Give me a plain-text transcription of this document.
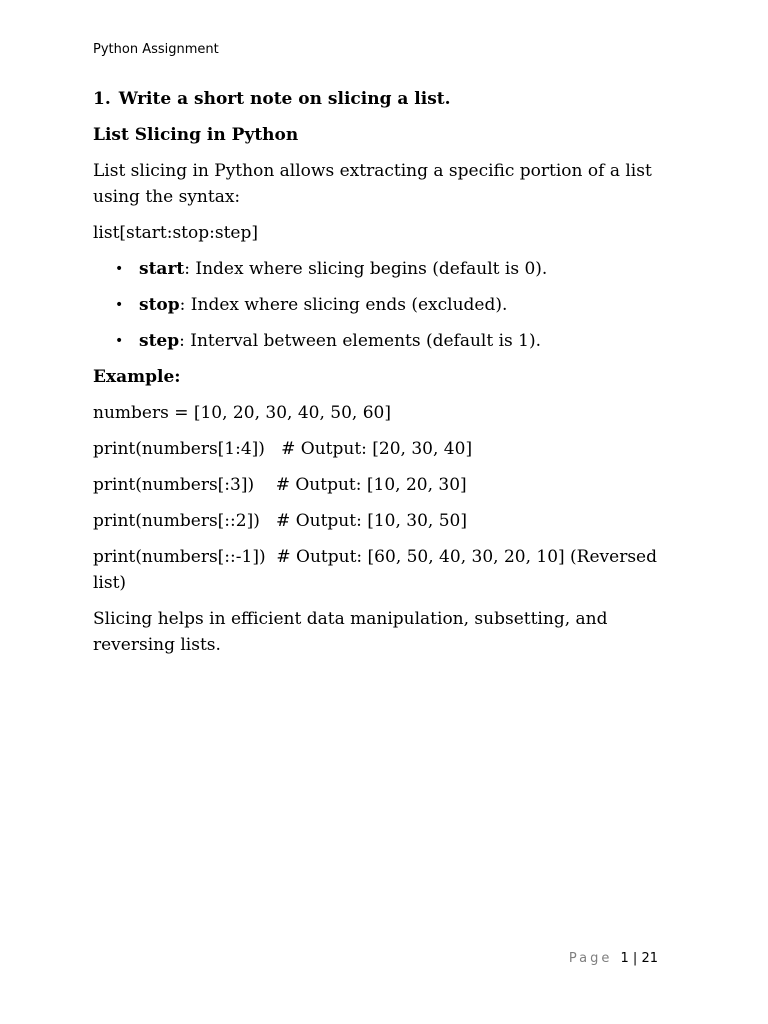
Python Assignment
1. Write a short note on slicing a list.
List Slicing in Python
List slicing in Python allows extracting a specific portion of a list using the syntax:
list[start:stop:step]
• start: Index where slicing begins (default is 0).
• stop: Index where slicing ends (excluded).
• step: Interval between elements (default is 1).
Example:
numbers = [10, 20, 30, 40, 50, 60]
print(numbers[1:4])   # Output: [20, 30, 40]
print(numbers[:3])    # Output: [10, 20, 30]
print(numbers[::2])   # Output: [10, 30, 50]
print(numbers[::-1])  # Output: [60, 50, 40, 30, 20, 10] (Reversed list)
Slicing helps in efficient data manipulation, subsetting, and reversing lists.
Page 1 | 21
